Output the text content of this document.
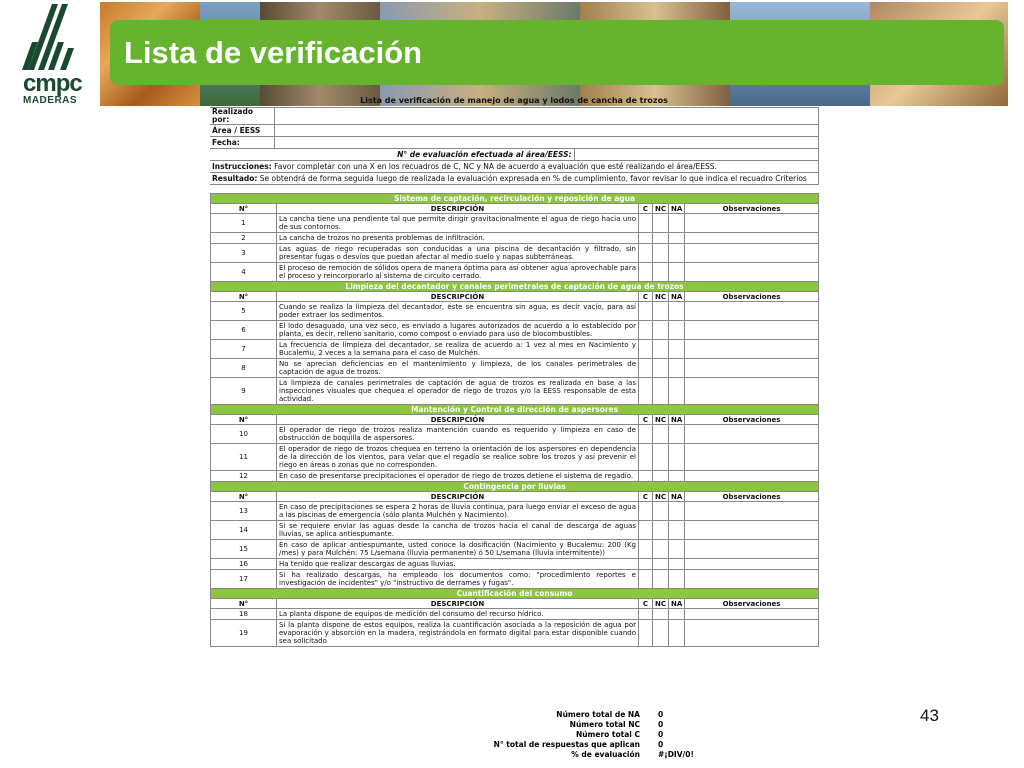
cmpc
MADERAS
Lista de verificación
Lista de verificación de manejo de agua y lodos de cancha de trozos
Realizado por:		
Área / EESS		
Fecha:		
N° de evaluación efectuada al área/EESS:		
Instrucciones: Favor completar con una X en los recuadros de C, NC y NA de acuerdo a evaluación que esté realizando el área/EESS.		
Resultado: Se obtendrá de forma seguida luego de realizada la evaluación expresada en % de cumplimiento, favor revisar lo que indica el recuadro Criterios		
Sistema de captación, recirculación y reposición de agua					
N°	DESCRIPCIÓN	C	NC	NA	Observaciones
1	La cancha tiene una pendiente tal que permite dirigir gravitacionalmente el agua de riego hacia uno de sus contornos.				
2	La cancha de trozos no presenta problemas de infiltración.				
3	Las aguas de riego recuperadas son conducidas a una piscina de decantación y filtrado, sin presentar fugas o desvíos que puedan afectar al medio suelo y napas subterráneas.				
4	El proceso de remoción de sólidos opera de manera óptima para así obtener agua aprovechable para el proceso y reincorporarlo al sistema de circuito cerrado.				
Limpieza del decantador y canales perimetrales de captación de agua de trozos					
N°	DESCRIPCIÓN	C	NC	NA	Observaciones
5	Cuando se realiza la limpieza del decantador, éste se encuentra sin agua, es decir vacío, para así poder extraer los sedimentos.				
6	El lodo desaguado, una vez seco, es enviado a lugares autorizados de acuerdo a lo establecido por planta, es decir, relleno sanitario, como compost o enviado para uso de biocombustibles.				
7	La frecuencia de limpieza del decantador, se realiza de acuerdo a: 1 vez al mes en Nacimiento y Bucalemu, 2 veces a la semana para el caso de Mulchén.				
8	No se aprecian deficiencias en el mantenimiento y limpieza, de los canales perimetrales de captación de agua de trozos.				
9	La limpieza de canales perimetrales de captación de agua de trozos es realizada en base a las inspecciones visuales que chequea el operador de riego de trozos y/o la EESS responsable de esta actividad.				
Mantención y Control de dirección de aspersores					
N°	DESCRIPCIÓN	C	NC	NA	Observaciones
10	El operador de riego de trozos realiza mantención cuando es requerido y limpieza en caso de obstrucción de boquilla de aspersores.				
11	El operador de riego de trozos chequea en terreno la orientación de los aspersores en dependencia de la dirección de los vientos, para velar que el regadío se realice sobre los trozos y así prevenir el riego en áreas o zonas que no corresponden.				
12	En caso de presentarse precipitaciones el operador de riego de trozos detiene el sistema de regadío.				
Contingencia por lluvias					
N°	DESCRIPCIÓN	C	NC	NA	Observaciones
13	En caso de precipitaciones se espera 2 horas de lluvia continua, para luego enviar el exceso de agua a las piscinas de emergencia (sólo planta Mulchén y Nacimiento).				
14	Si se requiere enviar las aguas desde la cancha de trozos hacia el canal de descarga de aguas lluvias, se aplica antiespumante.				
15	En caso de aplicar antiespumante, usted conoce la dosificación (Nacimiento y Bucalemu: 200 (Kg /mes) y para Mulchén: 75 L/semana (lluvia permanente) ó 50 L/semana (lluvia intermitente))				
16	Ha tenido que realizar descargas de aguas lluvias.				
17	Si ha realizado descargas, ha empleado los documentos como: "procedimiento reportes e investigación de incidentes" y/o "instructivo de derrames y fugas".				
Cuantificación del consumo					
N°	DESCRIPCIÓN	C	NC	NA	Observaciones
18	La planta dispone de equipos de medición del consumo del recurso hídrico.				
19	Si la planta dispone de estos equipos, realiza la cuantificación asociada a la reposición de agua por evaporación y absorción en la madera, registrándola en formato digital para estar disponible cuando sea solicitado				
Número total de NA 0
Número total NC 0
Número total C 0
N° total de respuestas que aplican 0
% de evaluación #¡DIV/0!
43
